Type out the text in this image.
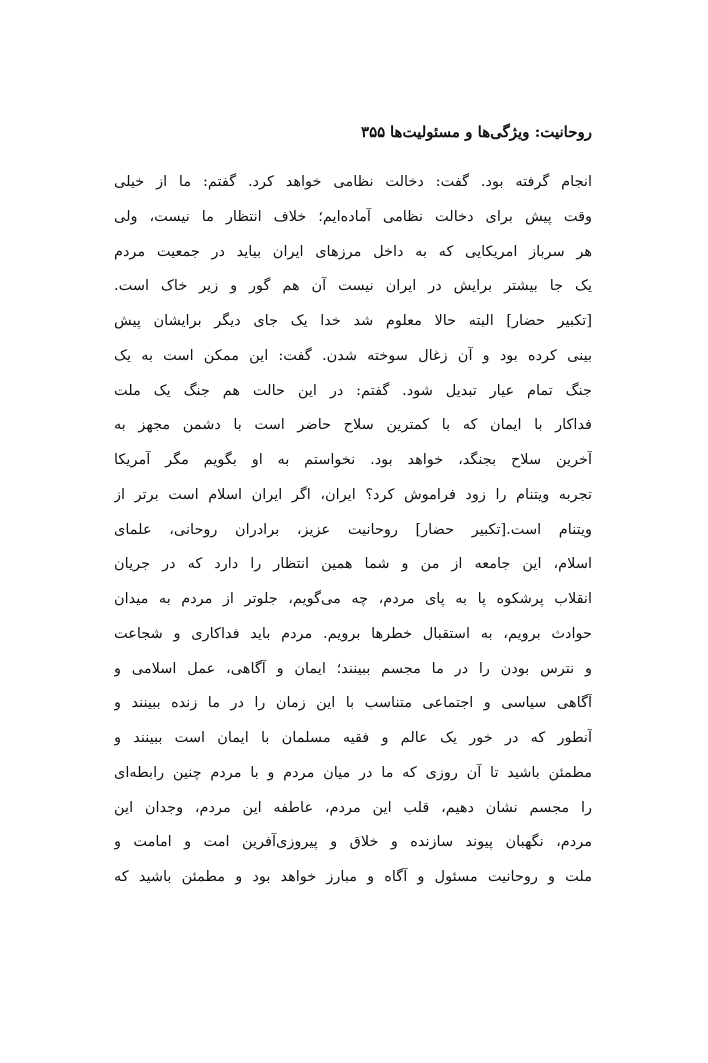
روحانیت: ویژگی‌ها و مسئولیت‌ها ۳۵۵
انجام گرفته بود. گفت: دخالت نظامی خواهد کرد. گفتم: ما از خیلی
وقت پیش برای دخالت نظامی آماده‌ایم؛ خلاف انتظار ما نیست، ولی
هر سرباز امریکایی که به داخل مرزهای ایران بیاید در جمعیت مردم
یک جا بیشتر برایش در ایران نیست آن هم گور و زیر خاک است.
[تکبیر حضار] البته حالا معلوم شد خدا یک جای دیگر برایشان پیش
بینی کرده بود و آن زغال سوخته شدن. گفت: این ممکن است به یک
جنگ تمام عیار تبدیل شود. گفتم: در این حالت هم جنگ یک ملت
فداکار با ایمان که با کمترین سلاح حاضر است با دشمن مجهز به
آخرین سلاح بجنگد، خواهد بود. نخواستم به او بگویم مگر آمریکا
تجربه ویتنام را زود فراموش کرد؟ ایران، اگر ایران اسلام است برتر از
ویتنام است.[تکبیر حضار] روحانیت عزیز، برادران روحانی، علمای
اسلام، این جامعه از من و شما همین انتظار را دارد که در جریان
انقلاب پرشکوه پا به پای مردم، چه می‌گویم، جلوتر از مردم به میدان
حوادث برویم، به استقبال خطرها برویم. مردم باید فداکاری و شجاعت
و نترس بودن را در ما مجسم ببینند؛ ایمان و آگاهی، عمل اسلامی و
آگاهی سیاسی و اجتماعی متناسب با این زمان را در ما زنده ببینند و
آنطور که در خور یک عالم و فقیه مسلمان با ایمان است ببینند و
مطمئن باشید تا آن روزی که ما در میان مردم و با مردم چنین رابطه‌ای
را مجسم نشان دهیم، قلب این مردم، عاطفه این مردم، وجدان این
مردم، نگهبان پیوند سازنده و خلاق و پیروزی‌آفرین امت و امامت و
ملت و روحانیت مسئول و آگاه و مبارز خواهد بود و مطمئن باشید که
